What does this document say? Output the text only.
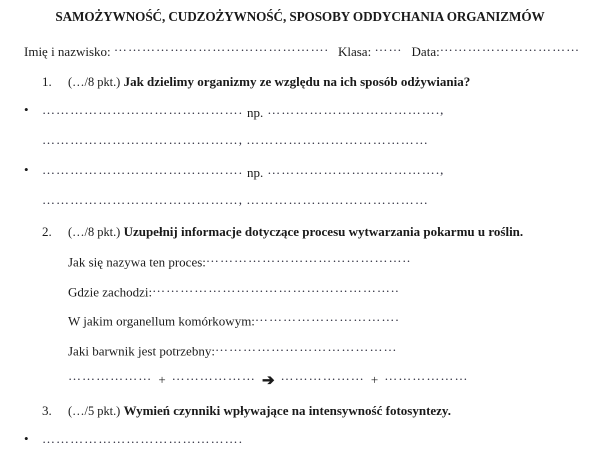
SAMOŻYWNOŚĆ, CUDZOŻYWNOŚĆ, SPOSOBY ODDYCHANIA ORGANIZMÓW
Imię i nazwisko: ………………………………………. Klasa: …… Data:…………………………
1. (…/8 pkt.) Jak dzielimy organizmy ze względu na ich sposób odżywiania?
• ……………………………………. np. ……………………………….,
……………………………………, …………………………………
• ……………………………………. np. ……………………………….,
……………………………………, …………………………………
2. (…/8 pkt.) Uzupełnij informacje dotyczące procesu wytwarzania pokarmu u roślin.
Jak się nazywa ten proces:……………………………………..
Gdzie zachodzi:……………………………………………..
W jakim organellum komórkowym:………………………….
Jaki barwnik jest potrzebny:…………………………………
……………… + ……………… ➔ ……………… + ………………
3. (…/5 pkt.) Wymień czynniki wpływające na intensywność fotosyntezy.
• …………………………………….
